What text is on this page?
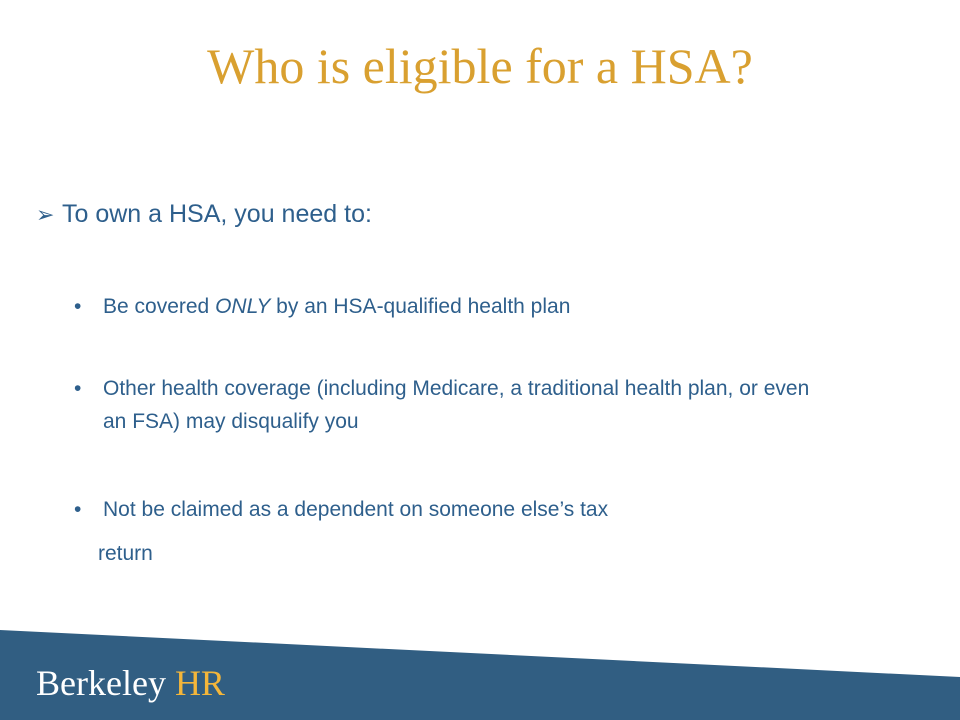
Who is eligible for a HSA?
➢ To own a HSA, you need to:
•	Be covered ONLY by an HSA-qualified health plan
•	Other health coverage (including Medicare, a traditional health plan, or even an FSA) may disqualify you
•	Not be claimed as a dependent on someone else’s tax
return
Berkeley HR
